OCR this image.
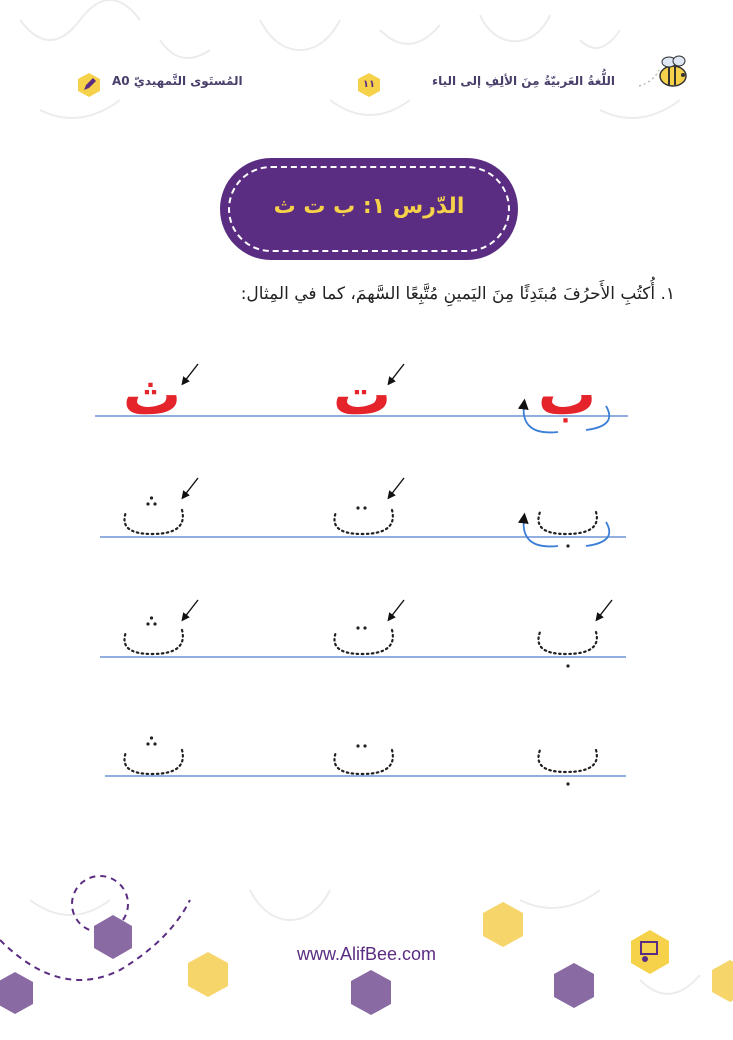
اللُّغةُ العَربيّةُ مِنَ الألِفِ إلى الياء
١١
المُستَوى التَّمهيديّ A0
الدّرس ١: ب ت ث
١. أُكتُبِ الأَحرُفَ مُبتَدِئًا مِنَ اليَمينِ مُتَّبِعًا السَّهمَ، كما في المِثال:
ب
ت
ث
www.AlifBee.com
